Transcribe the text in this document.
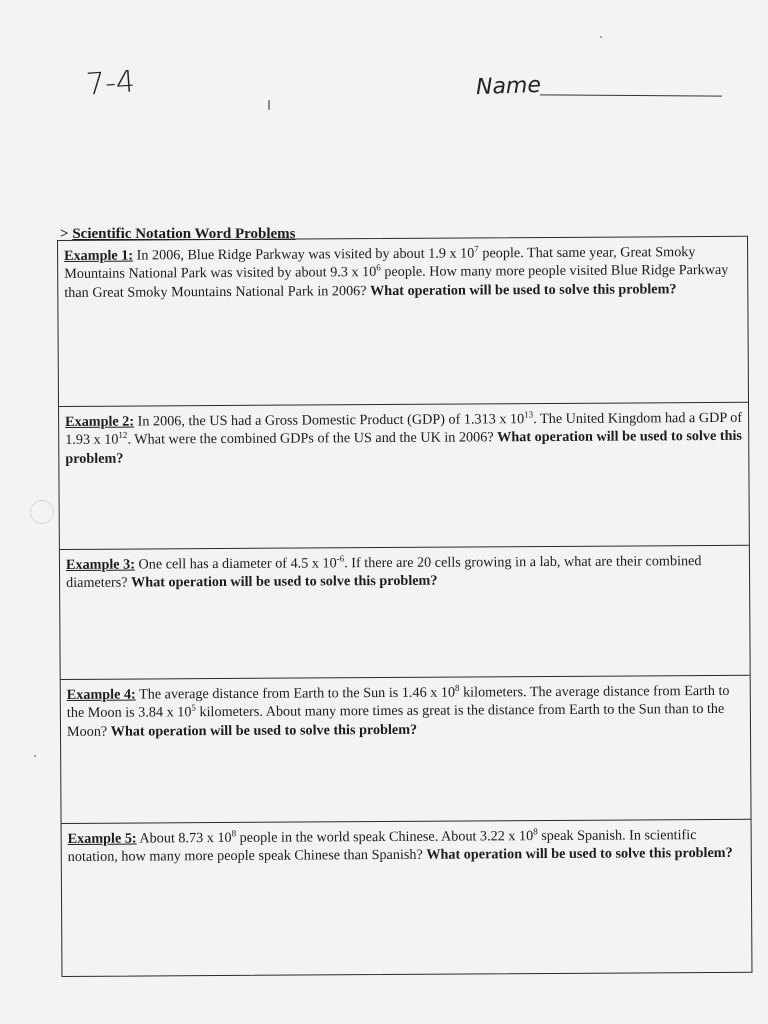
7-4	Name
> Scientific Notation Word Problems
Example 1: In 2006, Blue Ridge Parkway was visited by about 1.9 x $10^7$ people. That same year, Great Smoky Mountains National Park was visited by about 9.3 x $10^6$ people. How many more people visited Blue Ridge Parkway than Great Smoky Mountains National Park in 2006? What operation will be used to solve this problem?
Example 2: In 2006, the US had a Gross Domestic Product (GDP) of 1.313 x $10^{13}$. The United Kingdom had a GDP of 1.93 x $10^{12}$. What were the combined GDPs of the US and the UK in 2006? What operation will be used to solve this problem?
Example 3: One cell has a diameter of 4.5 x $10^{-6}$. If there are 20 cells growing in a lab, what are their combined diameters? What operation will be used to solve this problem?
Example 4: The average distance from Earth to the Sun is 1.46 x $10^8$ kilometers. The average distance from Earth to the Moon is 3.84 x $10^5$ kilometers. About many more times as great is the distance from Earth to the Sun than to the Moon? What operation will be used to solve this problem?
Example 5: About 8.73 x $10^8$ people in the world speak Chinese. About 3.22 x $10^8$ speak Spanish. In scientific notation, how many more people speak Chinese than Spanish? What operation will be used to solve this problem?
